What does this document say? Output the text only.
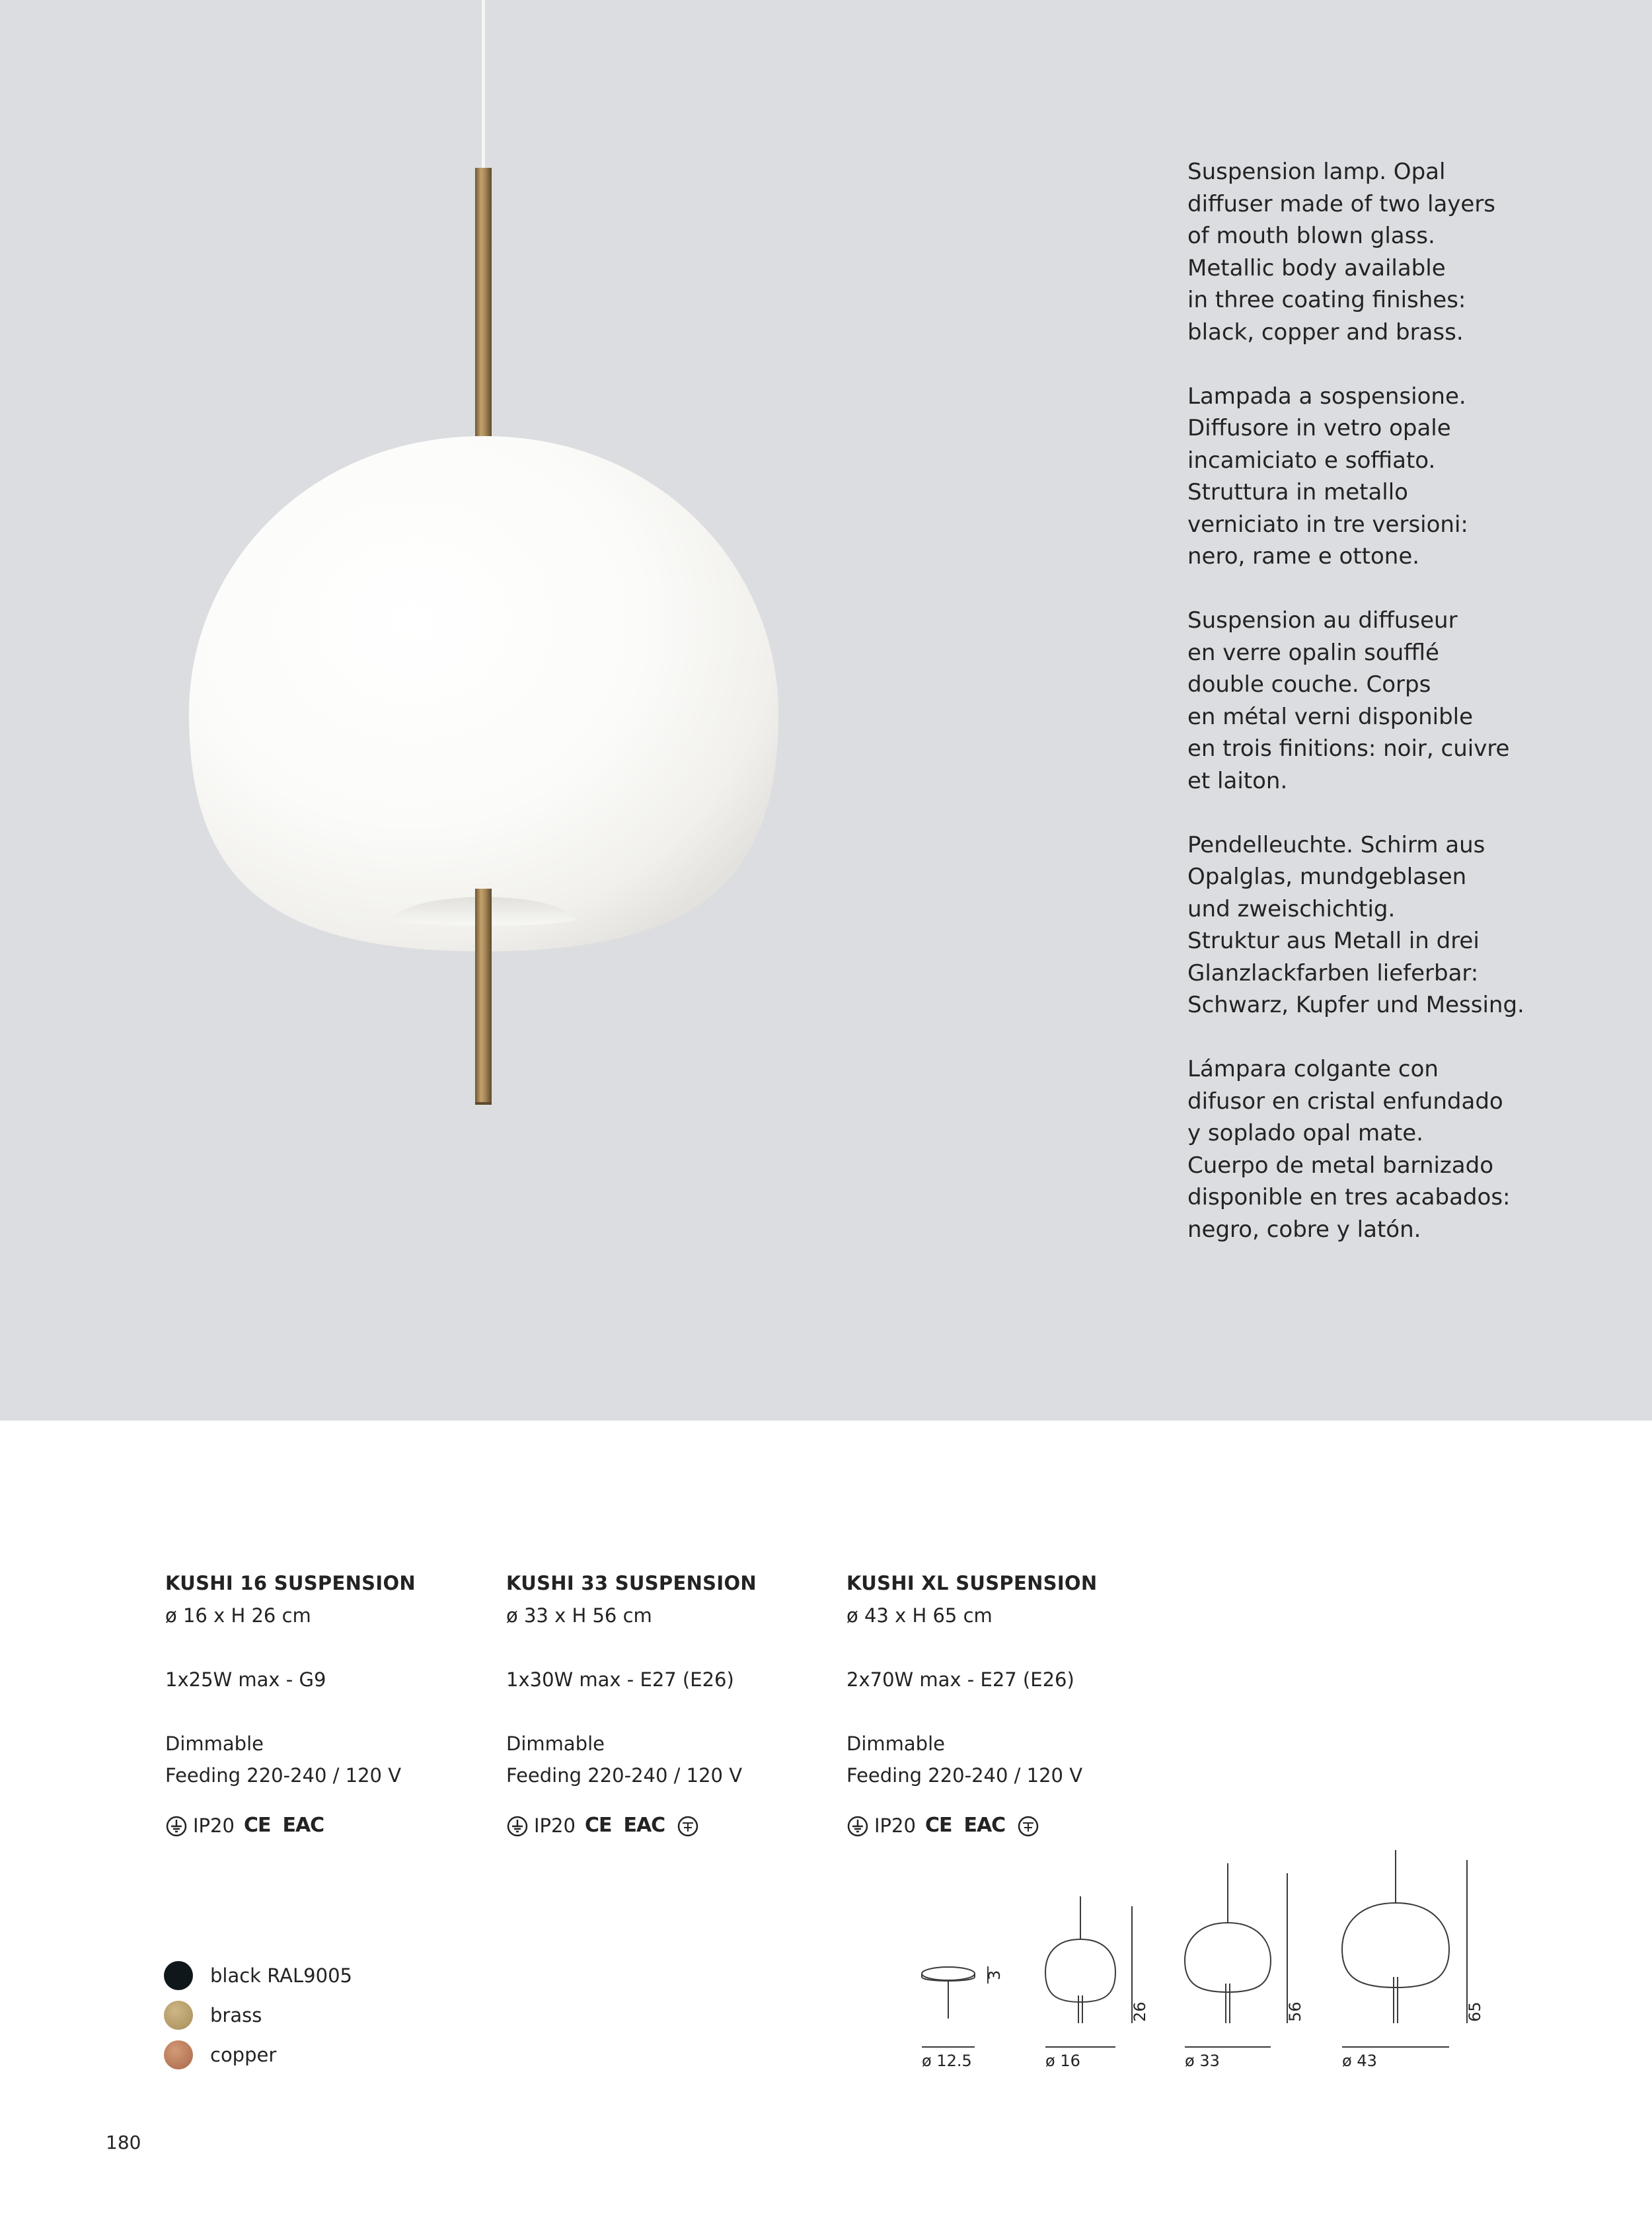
Suspension lamp. Opal
diffuser made of two layers
of mouth blown glass.
Metallic body available
in three coating finishes:
black, copper and brass.

Lampada a sospensione.
Diffusore in vetro opale
incamiciato e soffiato.
Struttura in metallo
verniciato in tre versioni:
nero, rame e ottone.

Suspension au diffuseur
en verre opalin soufflé
double couche. Corps
en métal verni disponible
en trois finitions: noir, cuivre
et laiton.

Pendelleuchte. Schirm aus
Opalglas, mundgeblasen
und zweischichtig.
Struktur aus Metall in drei
Glanzlackfarben lieferbar:
Schwarz, Kupfer und Messing.

Lámpara colgante con
difusor en cristal enfundado
y soplado opal mate.
Cuerpo de metal barnizado
disponible en tres acabados:
negro, cobre y latón.

KUSHI 16 SUSPENSION
ø 16 x H 26 cm
1x25W max - G9
Dimmable
Feeding 220-240 / 120 V
IP20 CE EAC
KUSHI 33 SUSPENSION
ø 33 x H 56 cm
1x30W max - E27 (E26)
Dimmable
Feeding 220-240 / 120 V
IP20 CE EAC
KUSHI XL SUSPENSION
ø 43 x H 65 cm
2x70W max - E27 (E26)
Dimmable
Feeding 220-240 / 120 V
IP20 CE EAC
black RAL9005
brass
copper	ø 12.5
3
ø 16
26
ø 33
56
ø 43
65
180
